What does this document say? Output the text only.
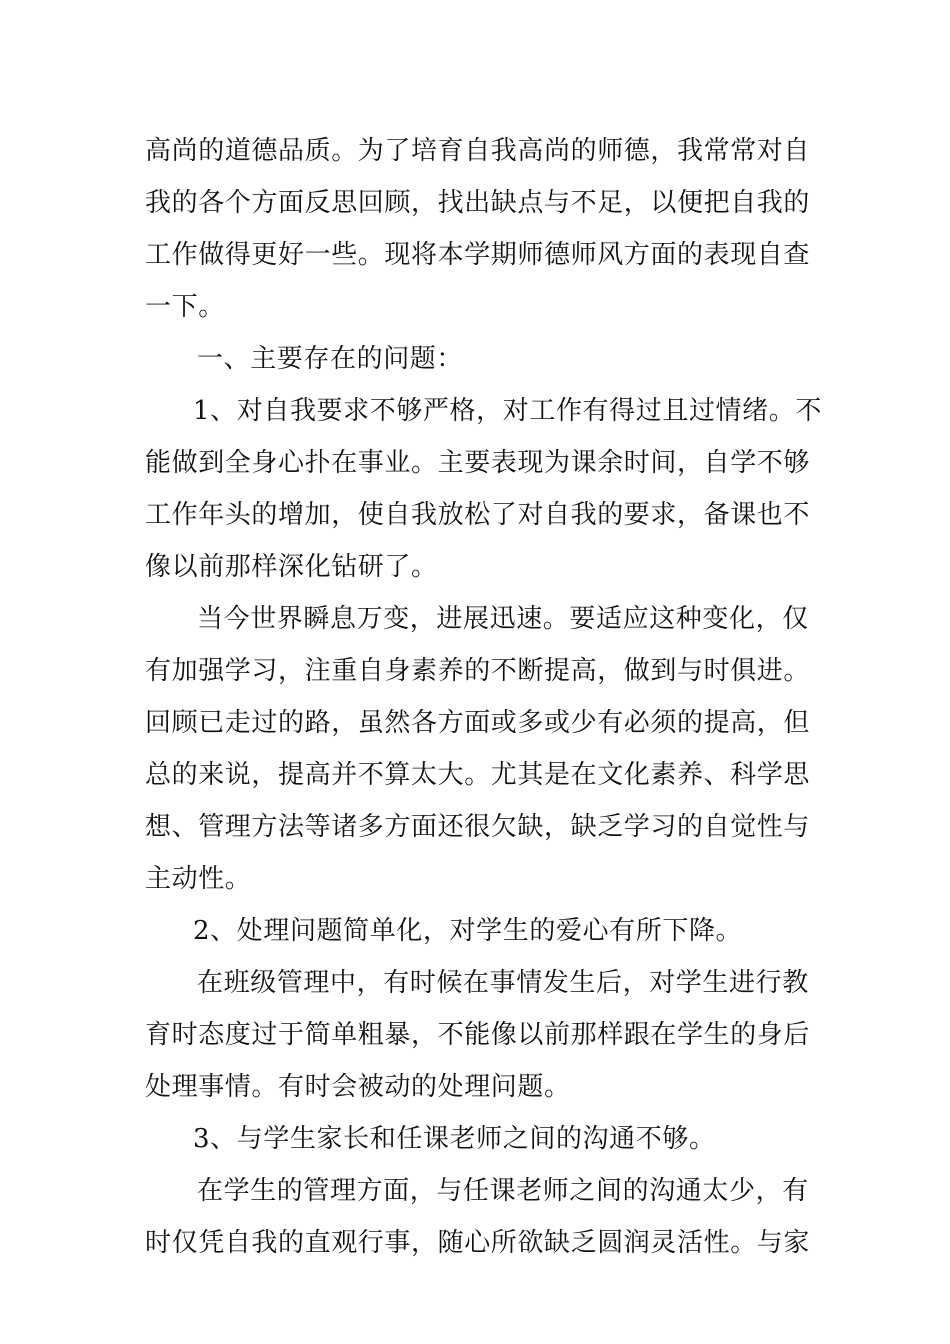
高尚的道德品质。为了培育自我高尚的师德，我常常对自
我的各个方面反思回顾，找出缺点与不足，以便把自我的
工作做得更好一些。现将本学期师德师风方面的表现自查
一下。
一、主要存在的问题：
1、对自我要求不够严格，对工作有得过且过情绪。不
能做到全身心扑在事业。主要表现为课余时间，自学不够
工作年头的增加，使自我放松了对自我的要求，备课也不
像以前那样深化钻研了。
当今世界瞬息万变，进展迅速。要适应这种变化，仅
有加强学习，注重自身素养的不断提高，做到与时俱进。
回顾已走过的路，虽然各方面或多或少有必须的提高，但
总的来说，提高并不算太大。尤其是在文化素养、科学思
想、管理方法等诸多方面还很欠缺，缺乏学习的自觉性与
主动性。
2、处理问题简单化，对学生的爱心有所下降。
在班级管理中，有时候在事情发生后，对学生进行教
育时态度过于简单粗暴，不能像以前那样跟在学生的身后
处理事情。有时会被动的处理问题。
3、与学生家长和任课老师之间的沟通不够。
在学生的管理方面，与任课老师之间的沟通太少，有
时仅凭自我的直观行事，随心所欲缺乏圆润灵活性。与家
